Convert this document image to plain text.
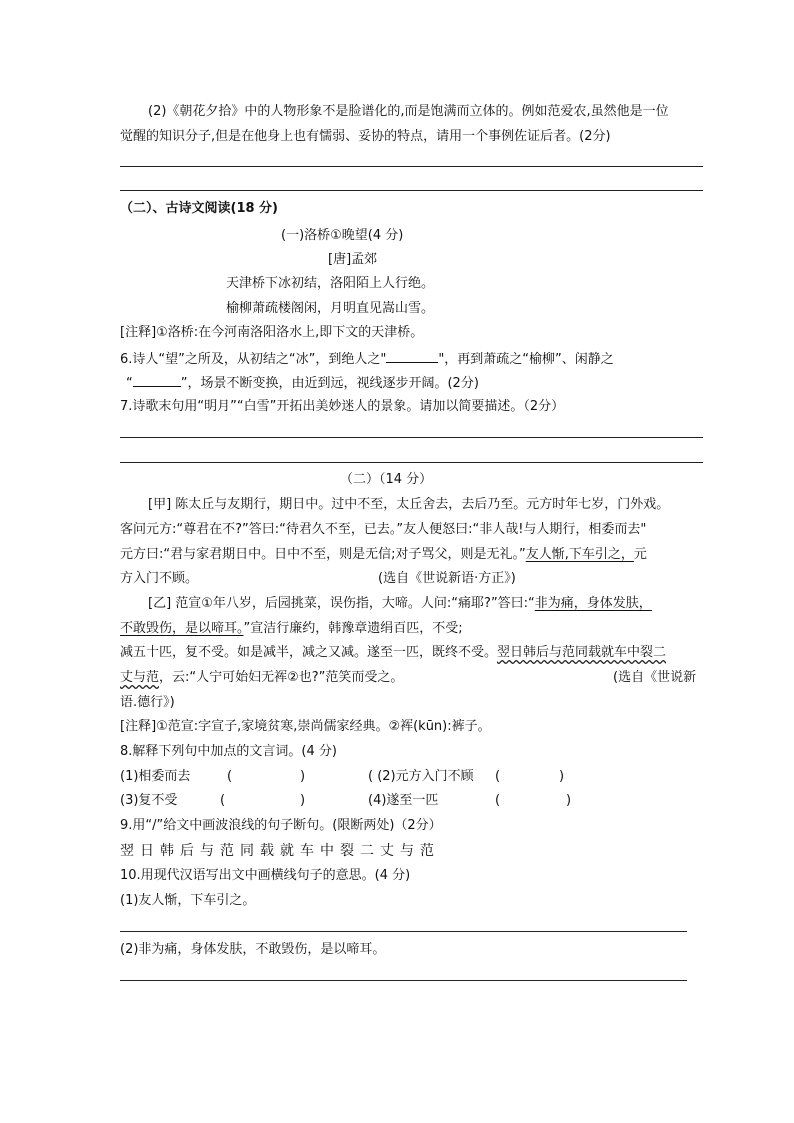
(2)《朝花夕拾》中的人物形象不是脸谱化的,而是饱满而立体的。例如范爱农,虽然他是一位
觉醒的知识分子,但是在他身上也有懦弱、妥协的特点，请用一个事例佐证后者。(2分)
（二）、古诗文阅读(18 分)
(一)洛桥①晚望(4 分)
[唐]孟郊
天津桥下冰初结，洛阳陌上人行绝。
榆柳萧疏楼阁闲，月明直见嵩山雪。
[注释]①洛桥:在今河南洛阳洛水上,即下文的天津桥。
6.诗人“望”之所及，从初结之“冰”，到绝人之"	"，再到萧疏之“榆柳”、闲静之
“	”，场景不断变换，由近到远，视线逐步开阔。(2分)
7.诗歌末句用“明月”“白雪”开拓出美妙迷人的景象。请加以简要描述。（2分）
（二）（14 分）
[甲] 陈太丘与友期行，期日中。过中不至，太丘舍去，去后乃至。元方时年七岁，门外戏。
客问元方:“尊君在不?”答曰:“待君久不至，已去。”友人便怒曰:“非人哉!与人期行，相委而去"
元方曰:“君与家君期日中。日中不至，则是无信;对子骂父，则是无礼。”友人惭,下车引之，元
方入门不顾。	(选自《世说新语·方正》)
[乙] 范宣①年八岁，后园挑菜，误伤指，大啼。人问:“痛耶?”答曰:“非为痛，身体发肤，
不敢毁伤，是以啼耳。”宣洁行廉约，韩豫章遗绢百匹，不受;
减五十匹，复不受。如是减半，减之又减。遂至一匹，既终不受。翌日韩后与范同载就车中裂二
丈与范，云:“人宁可始妇无裈②也?”范笑而受之。	(选自《世说新
语.德行》)
[注释]①范宣:字宣子,家境贫寒,崇尚儒家经典。②裈(kūn):裤子。
8.解释下列句中加点的文言词。(4 分)
(1)相委而去	(	)	( (2)元方入门不顾 (	)
(3)复不受	(	)	(4)遂至一匹	(	)
9.用“/”给文中画波浪线的句子断句。(限断两处)（2分）
翌日韩后与范同载就车中裂二丈与范
10.用现代汉语写出文中画横线句子的意思。(4 分)
(1)友人惭，下车引之。
(2)非为痛，身体发肤，不敢毁伤，是以啼耳。
